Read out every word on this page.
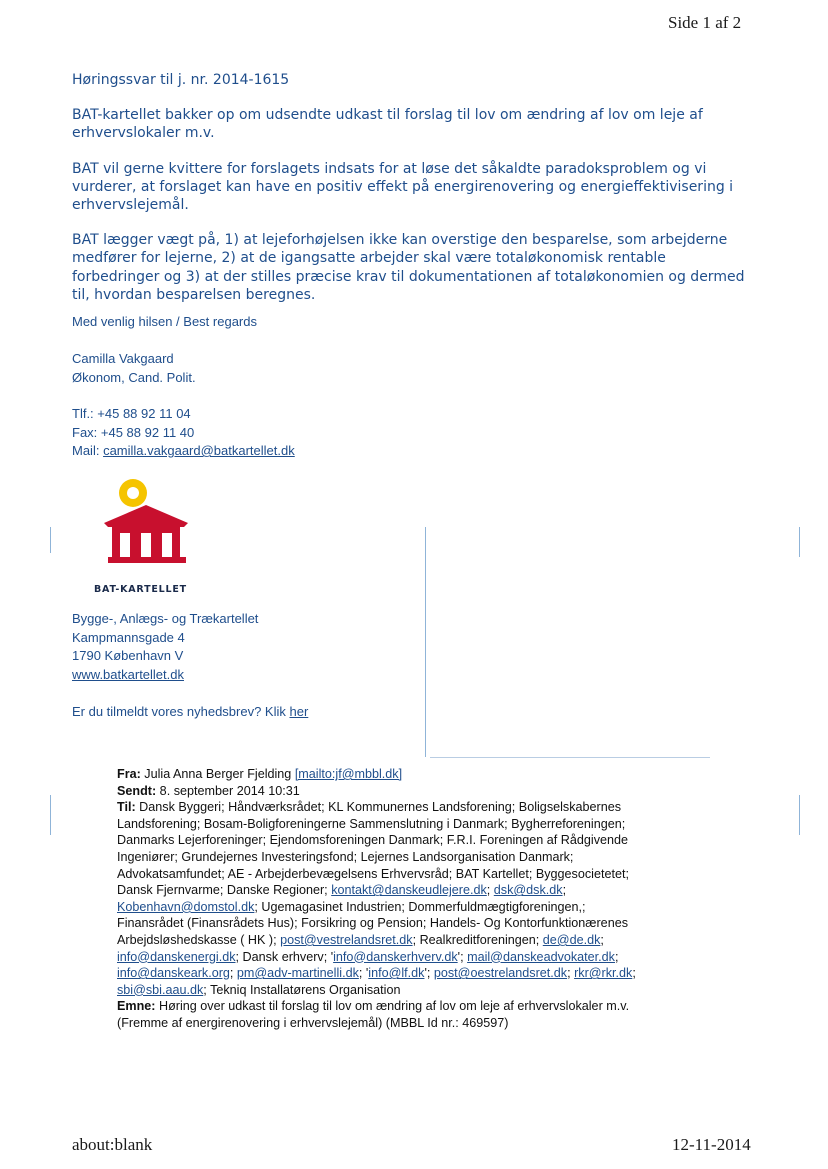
Side 1 af 2
about:blank	12-11-2014
Høringssvar til j. nr. 2014-1615
BAT-kartellet bakker op om udsendte udkast til forslag til lov om ændring af lov om leje af
erhvervslokaler m.v.
BAT vil gerne kvittere for forslagets indsats for at løse det såkaldte paradoksproblem og vi
vurderer, at forslaget kan have en positiv effekt på energirenovering og energieffektivisering i
erhvervslejemål.
BAT lægger vægt på, 1) at lejeforhøjelsen ikke kan overstige den besparelse, som arbejderne
medfører for lejerne, 2) at de igangsatte arbejder skal være totaløkonomisk rentable
forbedringer og 3) at der stilles præcise krav til dokumentationen af totaløkonomien og dermed
til, hvordan besparelsen beregnes.
Med venlig hilsen / Best regards
Camilla Vakgaard
Økonom, Cand. Polit.
Tlf.: +45 88 92 11 04
Fax: +45 88 92 11 40
Mail: camilla.vakgaard@batkartellet.dk
BAT-KARTELLET
Bygge-, Anlægs- og Trækartellet
Kampmannsgade 4
1790 København V
www.batkartellet.dk
Er du tilmeldt vores nyhedsbrev? Klik her
Fra: Julia Anna Berger Fjelding [mailto:jf@mbbl.dk]
Sendt: 8. september 2014 10:31
Til: Dansk Byggeri; Håndværksrådet; KL Kommunernes Landsforening; Boligselskabernes
Landsforening; Bosam-Boligforeningerne Sammenslutning i Danmark; Bygherreforeningen;
Danmarks Lejerforeninger; Ejendomsforeningen Danmark; F.R.I. Foreningen af Rådgivende
Ingeniører; Grundejernes Investeringsfond; Lejernes Landsorganisation Danmark;
Advokatsamfundet; AE - Arbejderbevægelsens Erhvervsråd; BAT Kartellet; Byggesocietetet;
Dansk Fjernvarme; Danske Regioner; kontakt@danskeudlejere.dk; dsk@dsk.dk;
Kobenhavn@domstol.dk; Ugemagasinet Industrien; Dommerfuldmægtigforeningen,;
Finansrådet (Finansrådets Hus); Forsikring og Pension; Handels- Og Kontorfunktionærenes
Arbejdsløshedskasse ( HK ); post@vestrelandsret.dk; Realkreditforeningen; de@de.dk;
info@danskenergi.dk; Dansk erhverv; 'info@danskerhverv.dk'; mail@danskeadvokater.dk;
info@danskeark.org; pm@adv-martinelli.dk; 'info@lf.dk'; post@oestrelandsret.dk; rkr@rkr.dk;
sbi@sbi.aau.dk; Tekniq Installatørens Organisation
Emne: Høring over udkast til forslag til lov om ændring af lov om leje af erhvervslokaler m.v.
(Fremme af energirenovering i erhvervslejemål) (MBBL Id nr.: 469597)
